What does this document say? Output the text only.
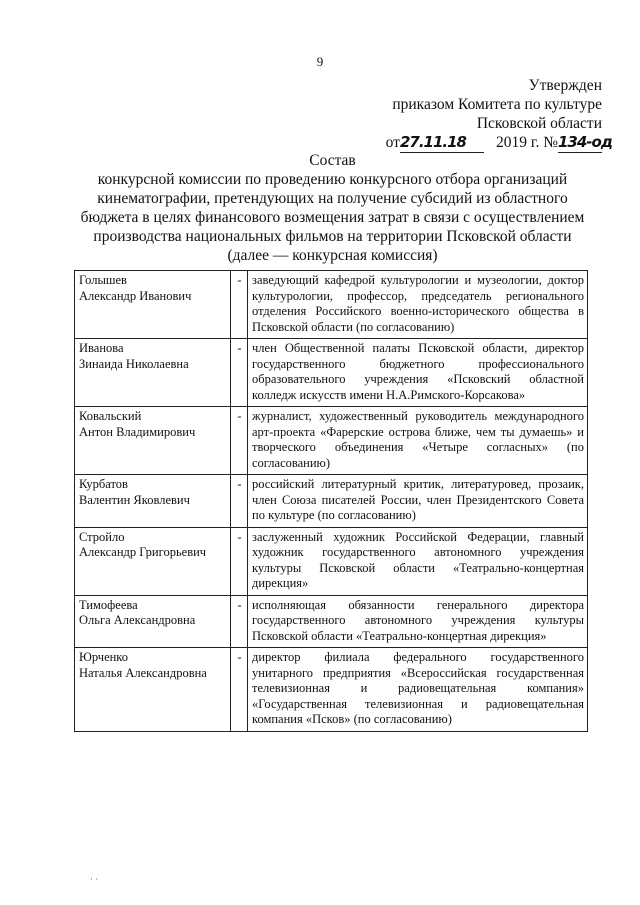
9
Утвержден
приказом Комитета по культуре
Псковской области
от27.11.18 2019 г. №134-од
Состав
конкурсной комиссии по проведению конкурсного отбора организаций
кинематографии, претендующих на получение субсидий из областного
бюджета в целях финансового возмещения затрат в связи с осуществлением
производства национальных фильмов на территории Псковской области
(далее — конкурсная комиссия)
Голышев
Александр Иванович	-	заведующий кафедрой культурологии и музеологии, доктор культурологии, профессор, председатель регионального отделения Российского военно-исторического общества в Псковской области (по согласованию)

Иванова
Зинаида Николаевна	-	член Общественной палаты Псковской области, директор государственного бюджетного профессионального образовательного учреждения «Псковский областной колледж искусств имени Н.А.Римского-Корсакова»

Ковальский
Антон Владимирович	-	журналист, художественный руководитель международного арт-проекта «Фарерские острова ближе, чем ты думаешь» и творческого объединения «Четыре согласных» (по согласованию)

Курбатов
Валентин Яковлевич	-	российский литературный критик, литературовед, прозаик, член Союза писателей России, член Президентского Совета по культуре (по согласованию)

Стройло
Александр Григорьевич	-	заслуженный художник Российской Федерации, главный художник государственного автономного учреждения культуры Псковской области «Театрально-концертная дирекция»

Тимофеева
Ольга Александровна	-	исполняющая обязанности генерального директора государственного автономного учреждения культуры Псковской области «Театрально-концертная дирекция»

Юрченко
Наталья Александровна	-	директор филиала федерального государственного унитарного предприятия «Всероссийская государственная телевизионная и радиовещательная компания» «Государственная телевизионная и радиовещательная компания «Псков» (по согласованию)
· ·
